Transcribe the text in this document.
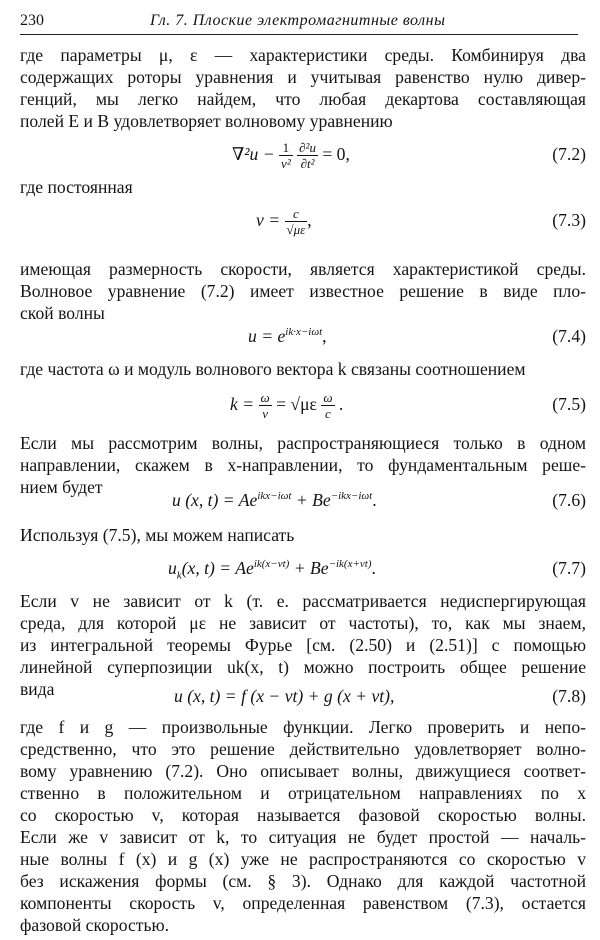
230	Гл. 7. Плоские электромагнитные волны
где параметры μ, ε — характеристики среды. Комбинируя два
содержащих роторы уравнения и учитывая равенство нулю дивер-
генций, мы легко найдем, что любая декартова составляющая
полей E и B удовлетворяет волновому уравнению
$\nabla^2u - \frac{1}{\text{v²}}$
$\frac{\text{∂²u}}{\text{∂t²}} = 0$,	(7.2)
где постоянная
$v = \frac{c}{√\mu\varepsilon}$ ,	(7.3)
имеющая размерность скорости, является характеристикой среды.
Волновое уравнение (7.2) имеет известное решение в виде пло-
ской волны
$u = e^{ik\cdot x-i\omega t}$,	(7.4)
где частота ω и модуль волнового вектора k связаны соотношением
$k = \frac{\omega}{v} = √\mu\varepsilon \frac{\omega}{c}$ .	(7.5)
Если мы рассмотрим волны, распространяющиеся только в одном
направлении, скажем в x-направлении, то фундаментальным реше-
нием будет
u (x, $t) = Ae^{ikx-i\omega t} + Be^{-ikx-i\omega t}$.	(7.6)
Используя (7.5), мы можем написать
$u_k(x$, $t) = Ae^{ik(x-vt)} + Be^{-ik(x+vt)}$.	(7.7)
Если v не зависит от k (т. е. рассматривается недиспергирующая
среда, для которой με не зависит от частоты), то, как мы знаем,
из интегральной теоремы Фурье [см. (2.50) и (2.51)] с помощью
линейной суперпозиции uk(x, t) можно построить общее решение
вида	u (x, t) = f (x − vt) + g (x + vt),	(7.8)
где f и g — произвольные функции. Легко проверить и непо-
средственно, что это решение действительно удовлетворяет волно-
вому уравнению (7.2). Оно описывает волны, движущиеся соответ-
ственно в положительном и отрицательном направлениях по x
со скоростью v, которая называется фазовой скоростью волны.
Если же v зависит от k, то ситуация не будет простой — началь-
ные волны f (x) и g (x) уже не распространяются со скоростью v
без искажения формы (см. § 3). Однако для каждой частотной
компоненты скорость v, определенная равенством (7.3), остается
фазовой скоростью.
